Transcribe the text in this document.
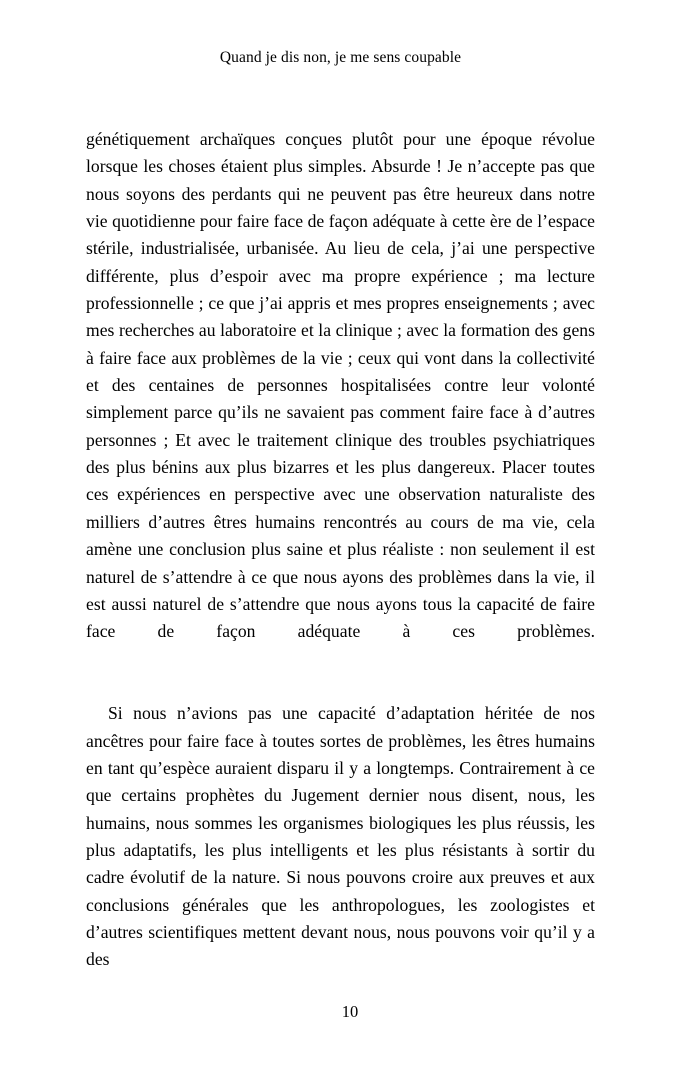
Quand je dis non, je me sens coupable

génétiquement archaïques conçues plutôt pour une époque révolue lorsque les choses étaient plus simples. Absurde ! Je n’accepte pas que nous soyons des perdants qui ne peuvent pas être heureux dans notre vie quotidienne pour faire face de façon adéquate à cette ère de l’espace stérile, industrialisée, urbanisée. Au lieu de cela, j’ai une perspective différente, plus d’espoir avec ma propre expérience ; ma lecture professionnelle ; ce que j’ai appris et mes propres enseignements ; avec mes recherches au laboratoire et la clinique ; avec la formation des gens à faire face aux problèmes de la vie ; ceux qui vont dans la collectivité et des centaines de personnes hospitalisées contre leur volonté simplement parce qu’ils ne savaient pas comment faire face à d’autres personnes ; Et avec le traitement clinique des troubles psychiatriques des plus bénins aux plus bizarres et les plus dangereux. Placer toutes ces expériences en perspective avec une observation naturaliste des milliers d’autres êtres humains rencontrés au cours de ma vie, cela amène une conclusion plus saine et plus réaliste : non seulement il est naturel de s’attendre à ce que nous ayons des problèmes dans la vie, il est aussi naturel de s’attendre que nous ayons tous la capacité de faire face de façon adéquate à ces problèmes.

Si nous n’avions pas une capacité d’adaptation héritée de nos ancêtres pour faire face à toutes sortes de problèmes, les êtres humains en tant qu’espèce auraient disparu il y a longtemps. Contrairement à ce que certains prophètes du Jugement dernier nous disent, nous, les humains, nous sommes les organismes biologiques les plus réussis, les plus adaptatifs, les plus intelligents et les plus résistants à sortir du cadre évolutif de la nature. Si nous pouvons croire aux preuves et aux conclusions générales que les anthropologues, les zoologistes et d’autres scientifiques mettent devant nous, nous pouvons voir qu’il y a des

10
